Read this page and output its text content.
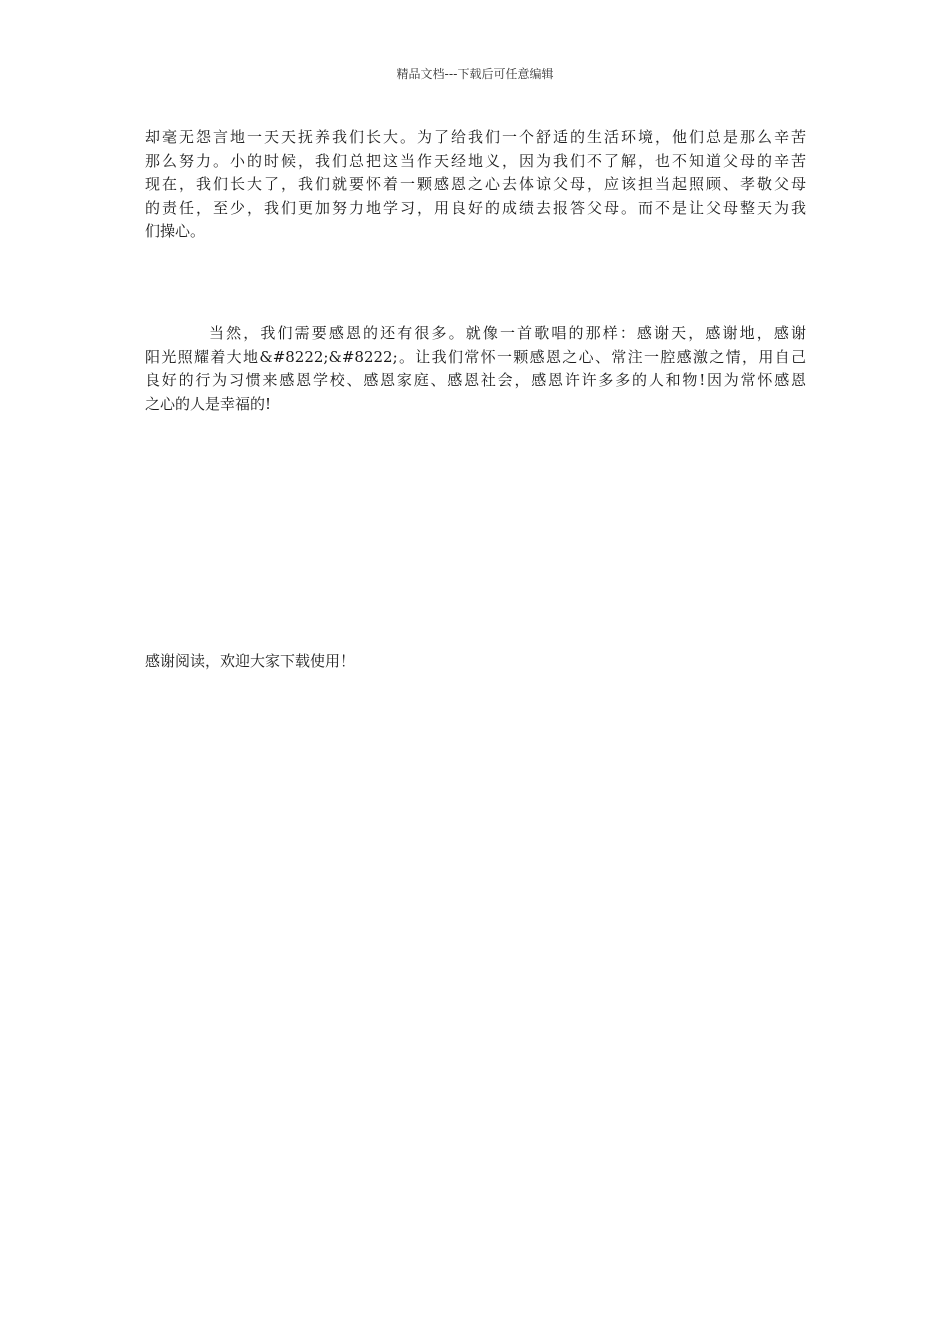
精品文档---下载后可任意编辑
却毫无怨言地一天天抚养我们长大。为了给我们一个舒适的生活环境，他们总是那么辛苦
那么努力。小的时候，我们总把这当作天经地义，因为我们不了解，也不知道父母的辛苦
现在，我们长大了，我们就要怀着一颗感恩之心去体谅父母，应该担当起照顾、孝敬父母
的责任，至少，我们更加努力地学习，用良好的成绩去报答父母。而不是让父母整天为我
们操心。
当然，我们需要感恩的还有很多。就像一首歌唱的那样：感谢天，感谢地，感谢
阳光照耀着大地&#8222;&#8222;。让我们常怀一颗感恩之心、常注一腔感激之情，用自己
良好的行为习惯来感恩学校、感恩家庭、感恩社会，感恩许许多多的人和物!因为常怀感恩
之心的人是幸福的!
感谢阅读，欢迎大家下载使用！
